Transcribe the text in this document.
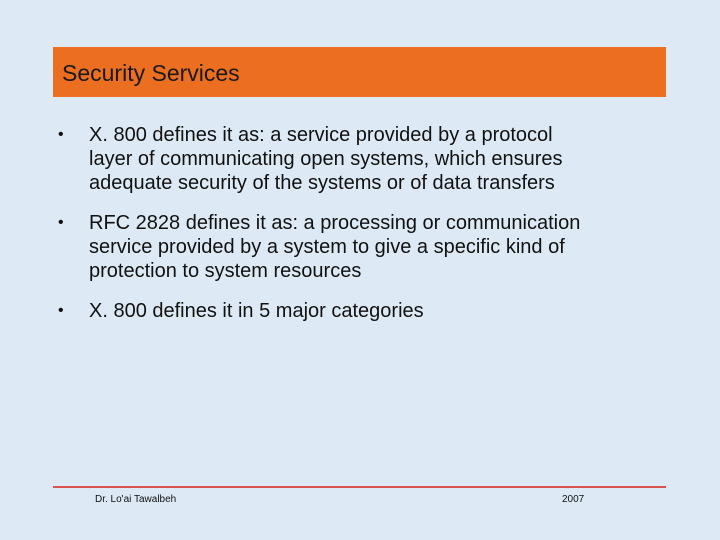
Security Services
•	X. 800 defines it as: a service provided by a protocol
layer of communicating open systems, which ensures
adequate security of the systems or of data transfers
•	RFC 2828 defines it as: a processing or communication
service provided by a system to give a specific kind of
protection to system resources
•	X. 800 defines it in 5 major categories
Dr. Lo'ai Tawalbeh	2007
